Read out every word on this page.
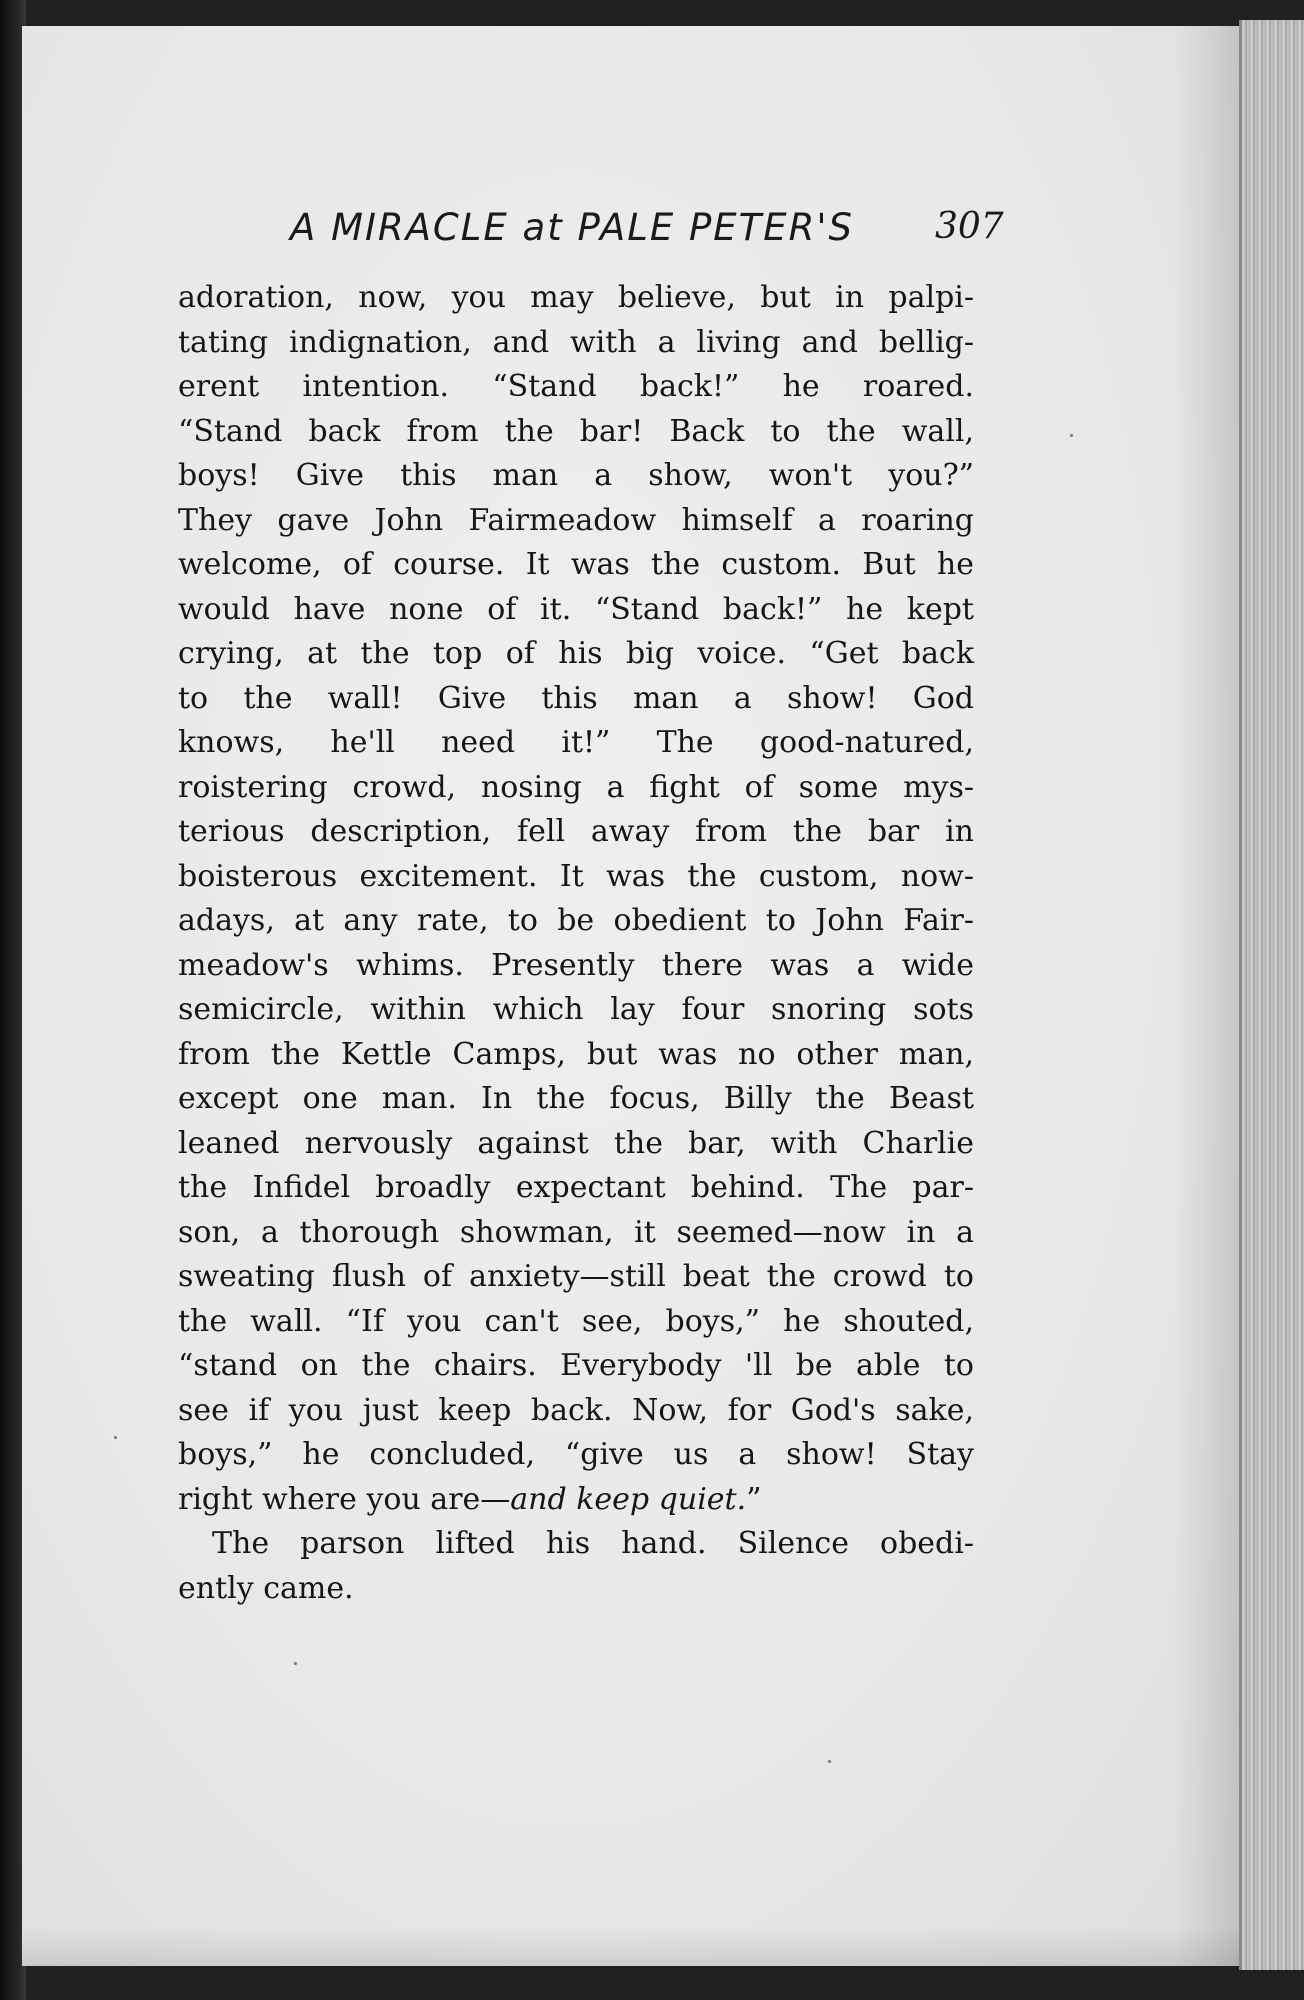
A MIRACLE at PALE PETER'S 307
adoration, now, you may believe, but in palpi-
tating indignation, and with a living and bellig-
erent intention. “Stand back!” he roared.
“Stand back from the bar! Back to the wall,
boys! Give this man a show, won't you?”
They gave John Fairmeadow himself a roaring
welcome, of course. It was the custom. But he
would have none of it. “Stand back!” he kept
crying, at the top of his big voice. “Get back
to the wall! Give this man a show! God
knows, he'll need it!” The good-natured,
roistering crowd, nosing a fight of some mys-
terious description, fell away from the bar in
boisterous excitement. It was the custom, now-
adays, at any rate, to be obedient to John Fair-
meadow's whims. Presently there was a wide
semicircle, within which lay four snoring sots
from the Kettle Camps, but was no other man,
except one man. In the focus, Billy the Beast
leaned nervously against the bar, with Charlie
the Infidel broadly expectant behind. The par-
son, a thorough showman, it seemed—now in a
sweating flush of anxiety—still beat the crowd to
the wall. “If you can't see, boys,” he shouted,
“stand on the chairs. Everybody 'll be able to
see if you just keep back. Now, for God's sake,
boys,” he concluded, “give us a show! Stay
right where you are—and keep quiet.”
The parson lifted his hand. Silence obedi-
ently came.
